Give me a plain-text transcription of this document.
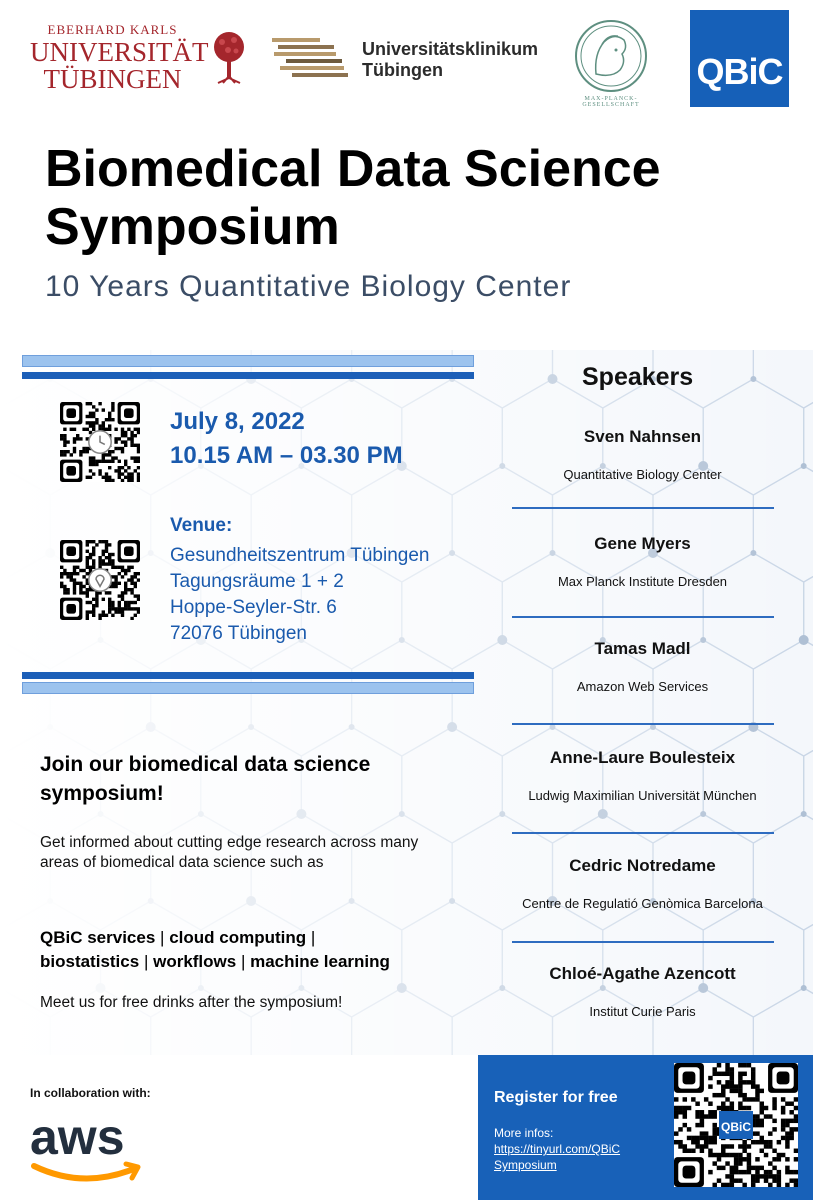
EBERHARD KARLS
UNIVERSITÄT
TÜBINGEN
Universitätsklinikum
Tübingen
MAX-PLANCK-GESELLSCHAFT
QBiC
Biomedical Data Science
Symposium
10 Years Quantitative Biology Center
July 8, 2022
10.15 AM – 03.30 PM
Venue:
Gesundheitszentrum Tübingen
Tagungsräume 1 + 2
Hoppe-Seyler-Str. 6
72076 Tübingen
Join our biomedical data science symposium!
Get informed about cutting edge research across many areas of biomedical data science such as
QBiC services | cloud computing |
biostatistics | workflows | machine learning
Meet us for free drinks after the symposium!
Speakers
Sven Nahnsen
Quantitative Biology Center
Gene Myers
Max Planck Institute Dresden
Tamas Madl
Amazon Web Services
Anne-Laure Boulesteix
Ludwig Maximilian Universität München
Cedric Notredame
Centre de Regulatió Genòmica Barcelona
Chloé-Agathe Azencott
Institut Curie Paris
In collaboration with:
aws
Register for free
More infos:
https://tinyurl.com/QBiC Symposium
QBiC
